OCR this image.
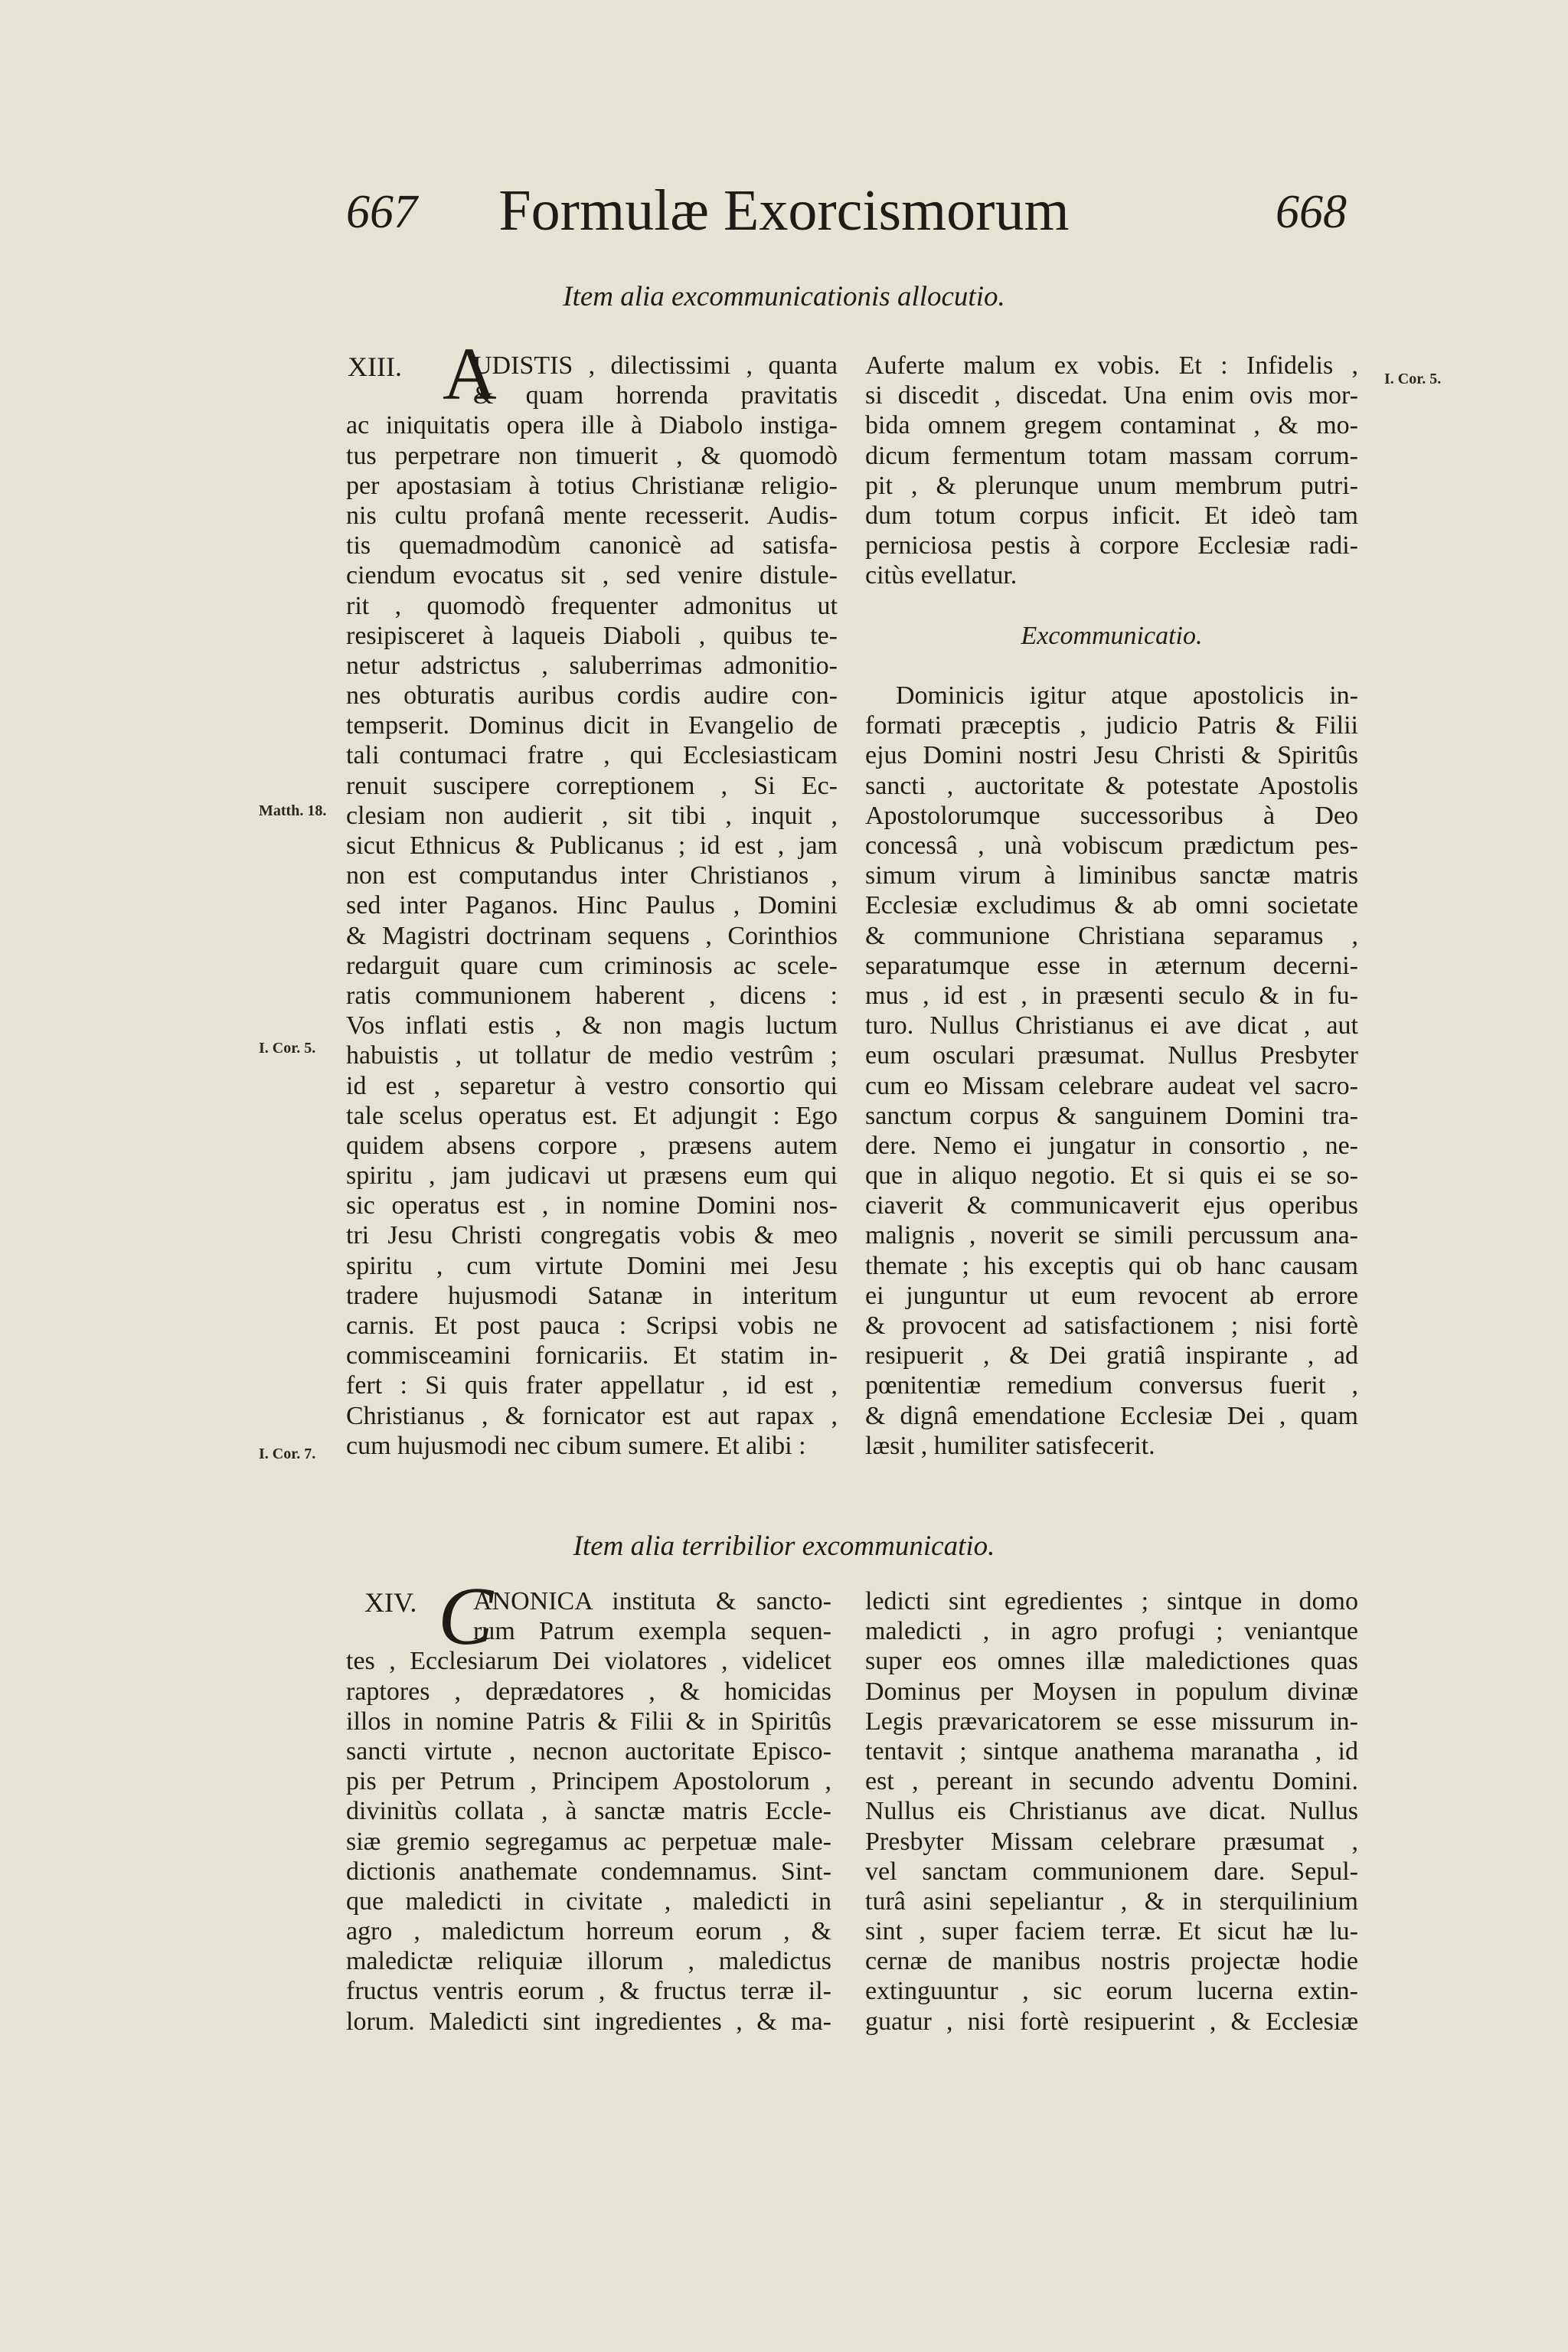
667	Formulæ Exorcismorum	668
Item alia excommunicationis allocutio.
XIII. A
UDISTIS , dilectissimi , quanta
& quam horrenda pravitatis
ac iniquitatis opera ille à Diabolo instiga-
tus perpetrare non timuerit , & quomodò
per apostasiam à totius Christianæ religio-
nis cultu profanâ mente recesserit. Audis-
tis quemadmodùm canonicè ad satisfa-
ciendum evocatus sit , sed venire distule-
rit , quomodò frequenter admonitus ut
resipisceret à laqueis Diaboli , quibus te-
netur adstrictus , saluberrimas admonitio-
nes obturatis auribus cordis audire con-
tempserit. Dominus dicit in Evangelio de
tali contumaci fratre , qui Ecclesiasticam
renuit suscipere correptionem , Si Ec-
clesiam non audierit , sit tibi , inquit ,
sicut Ethnicus & Publicanus ; id est , jam
non est computandus inter Christianos ,
sed inter Paganos. Hinc Paulus , Domini
& Magistri doctrinam sequens , Corinthios
redarguit quare cum criminosis ac scele-
ratis communionem haberent , dicens :
Vos inflati estis , & non magis luctum
habuistis , ut tollatur de medio vestrûm ;
id est , separetur à vestro consortio qui
tale scelus operatus est. Et adjungit : Ego
quidem absens corpore , præsens autem
spiritu , jam judicavi ut præsens eum qui
sic operatus est , in nomine Domini nos-
tri Jesu Christi congregatis vobis & meo
spiritu , cum virtute Domini mei Jesu
tradere hujusmodi Satanæ in interitum
carnis. Et post pauca : Scripsi vobis ne
commisceamini fornicariis. Et statim in-
fert : Si quis frater appellatur , id est ,
Christianus , & fornicator est aut rapax ,
cum hujusmodi nec cibum sumere. Et alibi :
Auferte malum ex vobis. Et : Infidelis ,
si discedit , discedat. Una enim ovis mor-
bida omnem gregem contaminat , & mo-
dicum fermentum totam massam corrum-
pit , & plerunque unum membrum putri-
dum totum corpus inficit. Et ideò tam
perniciosa pestis à corpore Ecclesiæ radi-
citùs evellatur.
Excommunicatio.
Dominicis igitur atque apostolicis in-
formati præceptis , judicio Patris & Filii
ejus Domini nostri Jesu Christi & Spiritûs
sancti , auctoritate & potestate Apostolis
Apostolorumque successoribus à Deo
concessâ , unà vobiscum prædictum pes-
simum virum à liminibus sanctæ matris
Ecclesiæ excludimus & ab omni societate
& communione Christiana separamus ,
separatumque esse in æternum decerni-
mus , id est , in præsenti seculo & in fu-
turo. Nullus Christianus ei ave dicat , aut
eum osculari præsumat. Nullus Presbyter
cum eo Missam celebrare audeat vel sacro-
sanctum corpus & sanguinem Domini tra-
dere. Nemo ei jungatur in consortio , ne-
que in aliquo negotio. Et si quis ei se so-
ciaverit & communicaverit ejus operibus
malignis , noverit se simili percussum ana-
themate ; his exceptis qui ob hanc causam
ei junguntur ut eum revocent ab errore
& provocent ad satisfactionem ; nisi fortè
resipuerit , & Dei gratiâ inspirante , ad
pœnitentiæ remedium conversus fuerit ,
& dignâ emendatione Ecclesiæ Dei , quam
læsit , humiliter satisfecerit.
Matth. 18.
I. Cor. 5.
I. Cor. 7.
I. Cor. 5.
Item alia terribilior excommunicatio.
XIV. C
ANONICA instituta & sancto-
rum Patrum exempla sequen-
tes , Ecclesiarum Dei violatores , videlicet
raptores , deprædatores , & homicidas
illos in nomine Patris & Filii & in Spiritûs
sancti virtute , necnon auctoritate Episco-
pis per Petrum , Principem Apostolorum ,
divinitùs collata , à sanctæ matris Eccle-
siæ gremio segregamus ac perpetuæ male-
dictionis anathemate condemnamus. Sint-
que maledicti in civitate , maledicti in
agro , maledictum horreum eorum , &
maledictæ reliquiæ illorum , maledictus
fructus ventris eorum , & fructus terræ il-
lorum. Maledicti sint ingredientes , & ma-
ledicti sint egredientes ; sintque in domo
maledicti , in agro profugi ; veniantque
super eos omnes illæ maledictiones quas
Dominus per Moysen in populum divinæ
Legis prævaricatorem se esse missurum in-
tentavit ; sintque anathema maranatha , id
est , pereant in secundo adventu Domini.
Nullus eis Christianus ave dicat. Nullus
Presbyter Missam celebrare præsumat ,
vel sanctam communionem dare. Sepul-
turâ asini sepeliantur , & in sterquilinium
sint , super faciem terræ. Et sicut hæ lu-
cernæ de manibus nostris projectæ hodie
extinguuntur , sic eorum lucerna extin-
guatur , nisi fortè resipuerint , & Ecclesiæ
